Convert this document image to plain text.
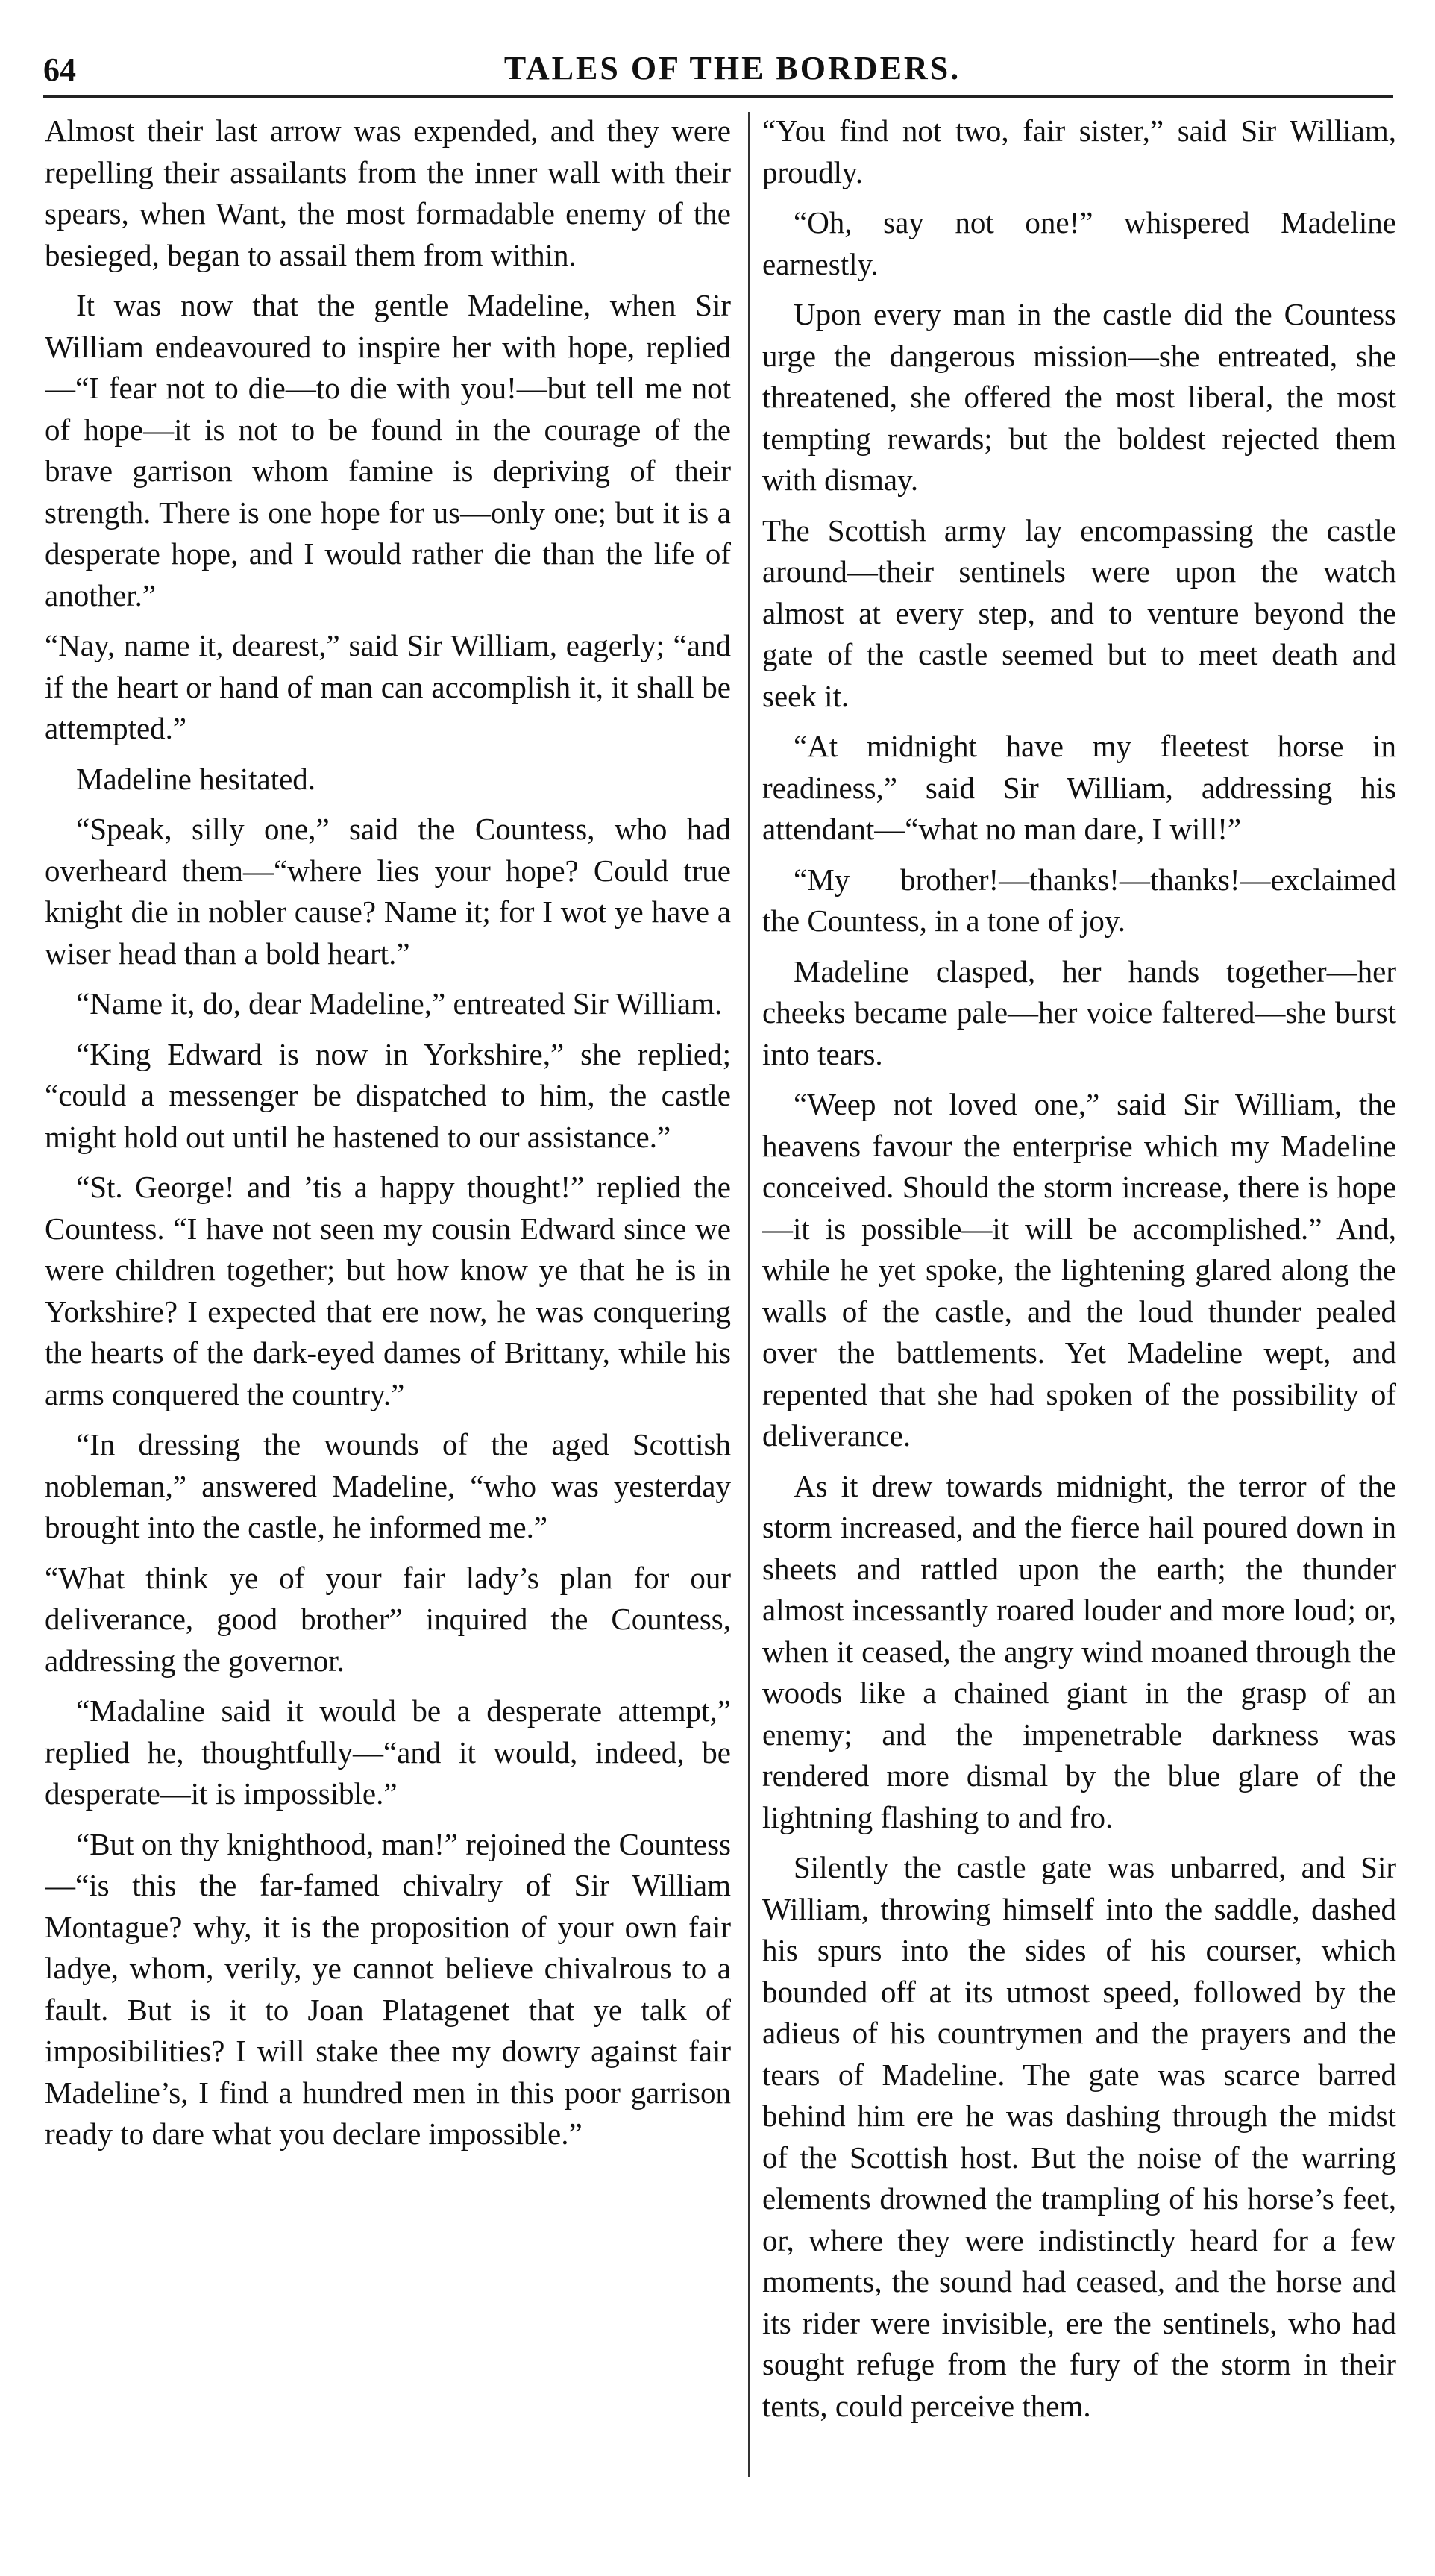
64	TALES OF THE BORDERS.

Almost their last arrow was expended, and they were repelling their assailants from the inner wall with their spears, when Want, the most formadable enemy of the besieged, began to assail them from within.

It was now that the gentle Madeline, when Sir William endeavoured to inspire her with hope, replied—“I fear not to die—to die with you!—but tell me not of hope—it is not to be found in the courage of the brave garrison whom famine is depriving of their strength. There is one hope for us—only one; but it is a desperate hope, and I would rather die than the life of another.”

“Nay, name it, dearest,” said Sir William, eagerly; “and if the heart or hand of man can accomplish it, it shall be attempted.”

Madeline hesitated.

“Speak, silly one,” said the Countess, who had overheard them—“where lies your hope? Could true knight die in nobler cause? Name it; for I wot ye have a wiser head than a bold heart.”

“Name it, do, dear Madeline,” entreated Sir William.

“King Edward is now in Yorkshire,” she replied; “could a messenger be dispatched to him, the castle might hold out until he hastened to our assistance.”

“St. George! and ’tis a happy thought!” replied the Countess. “I have not seen my cousin Edward since we were children together; but how know ye that he is in Yorkshire? I expected that ere now, he was conquering the hearts of the dark-eyed dames of Brittany, while his arms conquered the country.”

“In dressing the wounds of the aged Scottish nobleman,” answered Madeline, “who was yesterday brought into the castle, he informed me.”

“What think ye of your fair lady’s plan for our deliverance, good brother” inquired the Countess, addressing the governor.

“Madaline said it would be a desperate attempt,” replied he, thoughtfully—“and it would, indeed, be desperate—it is impossible.”

“But on thy knighthood, man!” rejoined the Countess—“is this the far-famed chivalry of Sir William Montague? why, it is the proposition of your own fair ladye, whom, verily, ye cannot believe chivalrous to a fault. But is it to Joan Platagenet that ye talk of imposibilities? I will stake thee my dowry against fair Madeline’s, I find a hundred men in this poor garrison ready to dare what you declare impossible.”

“You find not two, fair sister,” said Sir William, proudly.

“Oh, say not one!” whispered Madeline earnestly.

Upon every man in the castle did the Countess urge the dangerous mission—she entreated, she threatened, she offered the most liberal, the most tempting rewards; but the boldest rejected them with dismay.

The Scottish army lay encompassing the castle around—their sentinels were upon the watch almost at every step, and to venture beyond the gate of the castle seemed but to meet death and seek it.

“At midnight have my fleetest horse in readiness,” said Sir William, addressing his attendant—“what no man dare, I will!”

“My brother!—thanks!—thanks!—exclaimed the Countess, in a tone of joy.

Madeline clasped, her hands together—her cheeks became pale—her voice faltered—she burst into tears.

“Weep not loved one,” said Sir William, the heavens favour the enterprise which my Madeline conceived. Should the storm increase, there is hope—it is possible—it will be accomplished.” And, while he yet spoke, the lightening glared along the walls of the castle, and the loud thunder pealed over the battlements. Yet Madeline wept, and repented that she had spoken of the possibility of deliverance.

As it drew towards midnight, the terror of the storm increased, and the fierce hail poured down in sheets and rattled upon the earth; the thunder almost incessantly roared louder and more loud; or, when it ceased, the angry wind moaned through the woods like a chained giant in the grasp of an enemy; and the impenetrable darkness was rendered more dismal by the blue glare of the lightning flashing to and fro.

Silently the castle gate was unbarred, and Sir William, throwing himself into the saddle, dashed his spurs into the sides of his courser, which bounded off at its utmost speed, followed by the adieus of his countrymen and the prayers and the tears of Madeline. The gate was scarce barred behind him ere he was dashing through the midst of the Scottish host. But the noise of the warring elements drowned the trampling of his horse’s feet, or, where they were indistinctly heard for a few moments, the sound had ceased, and the horse and its rider were invisible, ere the sentinels, who had sought refuge from the fury of the storm in their tents, could perceive them.
